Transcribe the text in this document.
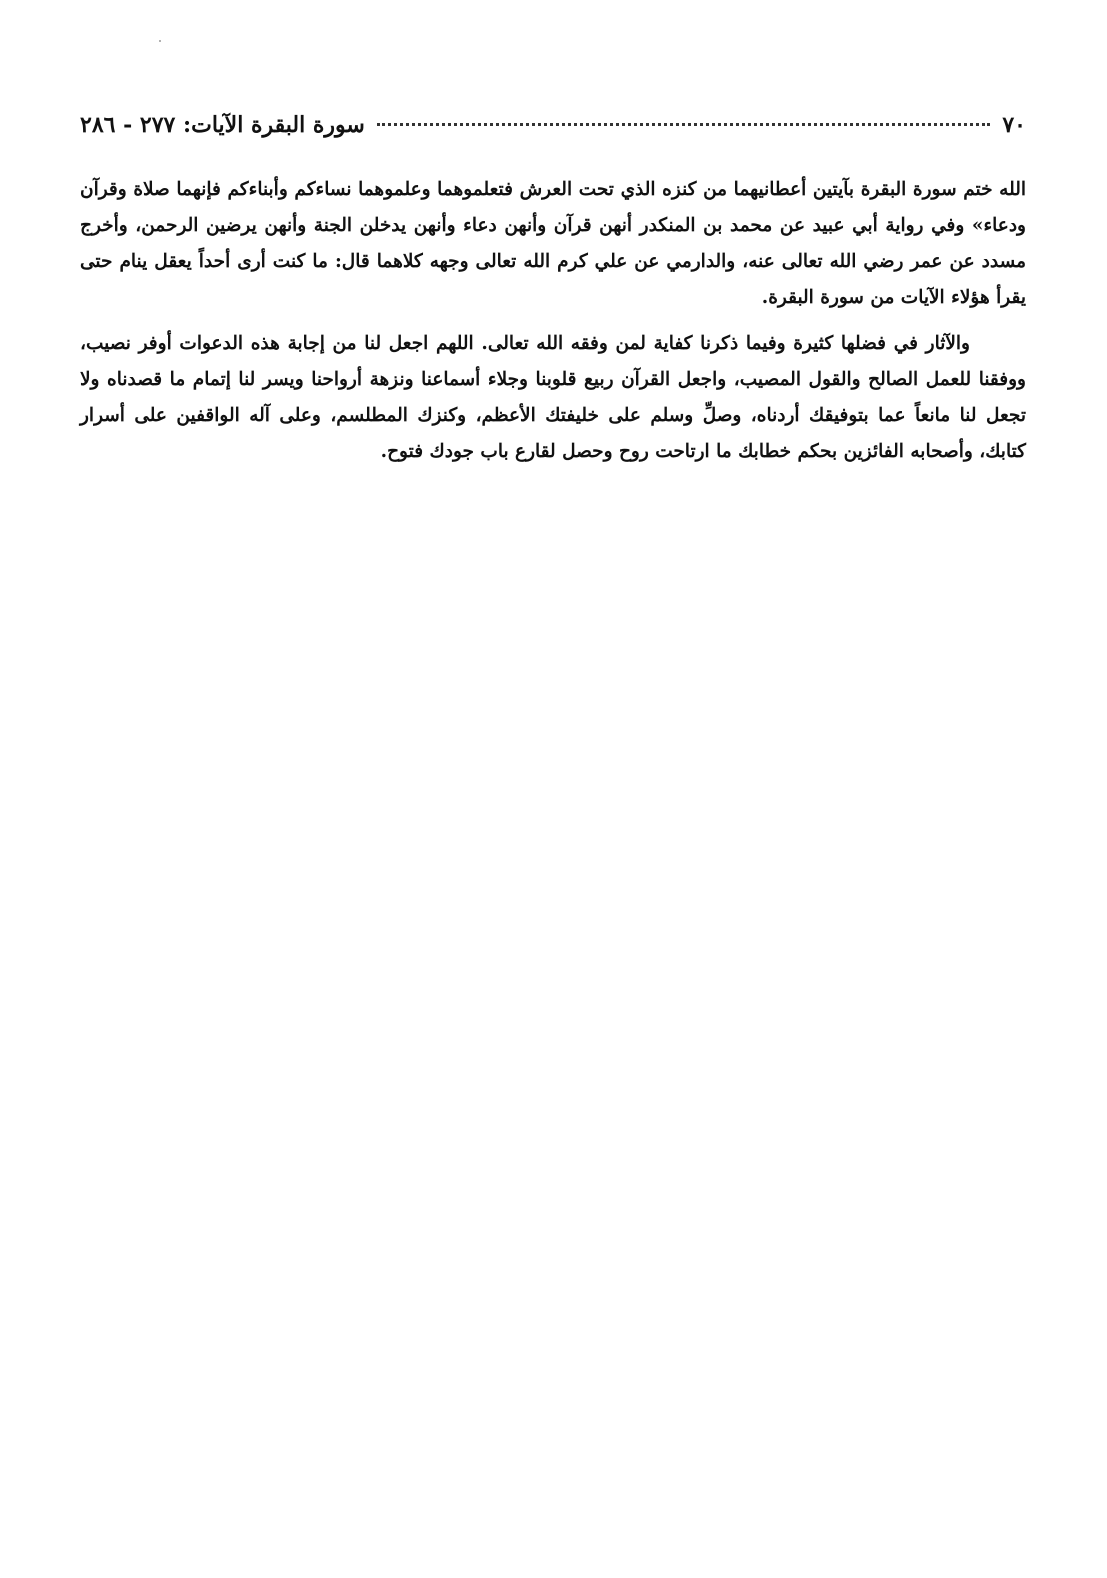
٧٠
سورة البقرة الآيات: ٢٧٧ - ٢٨٦

الله ختم سورة البقرة بآيتين أعطانيهما من كنزه الذي تحت العرش فتعلموهما وعلموهما نساءكم وأبناءكم فإنهما صلاة وقرآن ودعاء» وفي رواية أبي عبيد عن محمد بن المنكدر أنهن قرآن وأنهن دعاء وأنهن يدخلن الجنة وأنهن يرضين الرحمن، وأخرج مسدد عن عمر رضي الله تعالى عنه، والدارمي عن علي كرم الله تعالى وجهه كلاهما قال: ما كنت أرى أحداً يعقل ينام حتى يقرأ هؤلاء الآيات من سورة البقرة.

والآثار في فضلها كثيرة وفيما ذكرنا كفاية لمن وفقه الله تعالى. اللهم اجعل لنا من إجابة هذه الدعوات أوفر نصيب، ووفقنا للعمل الصالح والقول المصيب، واجعل القرآن ربيع قلوبنا وجلاء أسماعنا ونزهة أرواحنا ويسر لنا إتمام ما قصدناه ولا تجعل لنا مانعاً عما بتوفيقك أردناه، وصلِّ وسلم على خليفتك الأعظم، وكنزك المطلسم، وعلى آله الواقفين على أسرار كتابك، وأصحابه الفائزين بحكم خطابك ما ارتاحت روح وحصل لقارع باب جودك فتوح.
